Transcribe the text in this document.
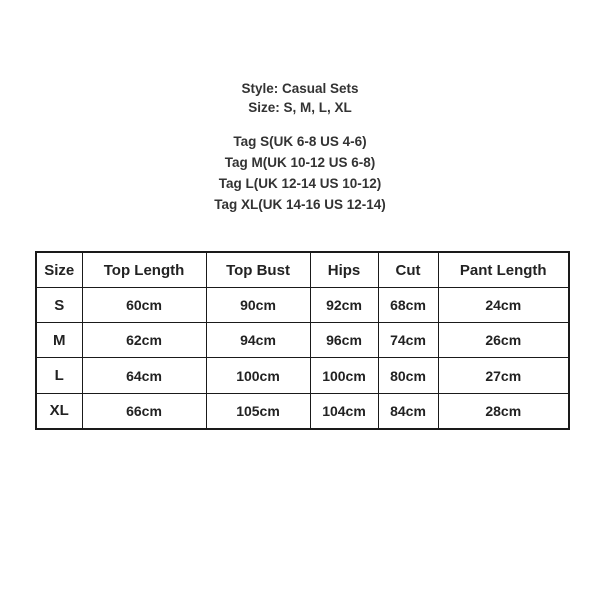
Style: Casual Sets
Size: S, M, L, XL
Tag S(UK 6-8 US 4-6)
Tag M(UK 10-12 US 6-8)
Tag L(UK 12-14 US 10-12)
Tag XL(UK 14-16 US 12-14)
Size	Top Length	Top Bust	Hips	Cut	Pant Length
S	60cm	90cm	92cm	68cm	24cm
M	62cm	94cm	96cm	74cm	26cm
L	64cm	100cm	100cm	80cm	27cm
XL	66cm	105cm	104cm	84cm	28cm
